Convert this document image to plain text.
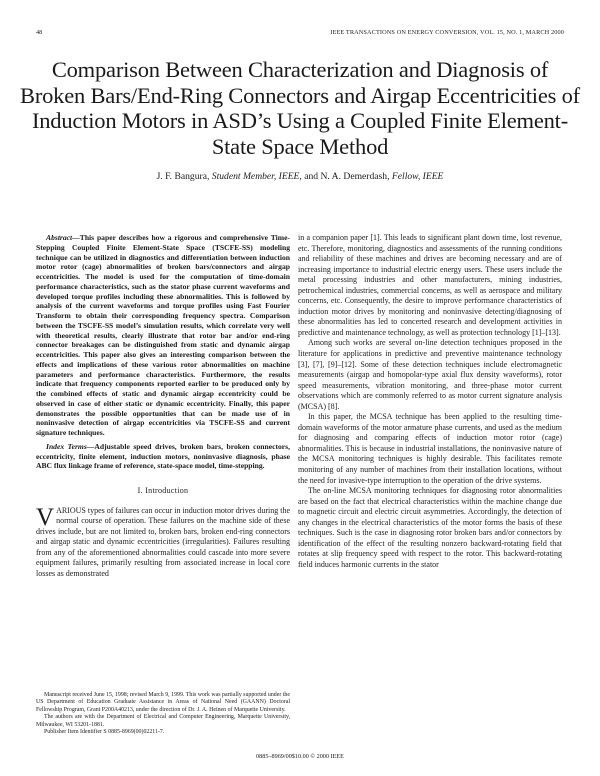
48	IEEE TRANSACTIONS ON ENERGY CONVERSION, VOL. 15, NO. 1, MARCH 2000
Comparison Between Characterization and Diagnosis of Broken Bars/End-Ring Connectors and Airgap Eccentricities of Induction Motors in ASD’s Using a Coupled Finite Element-State Space Method
J. F. Bangura, Student Member, IEEE, and N. A. Demerdash, Fellow, IEEE

Abstract—This paper describes how a rigorous and comprehensive Time-Stepping Coupled Finite Element-State Space (TSCFE-SS) modeling technique can be utilized in diagnostics and differentiation between induction motor rotor (cage) abnormalities of broken bars/connectors and airgap eccentricities. The model is used for the computation of time-domain performance characteristics, such as the stator phase current waveforms and developed torque profiles including these abnormalities. This is followed by analysis of the current waveforms and torque profiles using Fast Fourier Transform to obtain their corresponding frequency spectra. Comparison between the TSCFE-SS model’s simulation results, which correlate very well with theoretical results, clearly illustrate that rotor bar and/or end-ring connector breakages can be distinguished from static and dynamic airgap eccentricities. This paper also gives an interesting comparison between the effects and implications of these various rotor abnormalities on machine parameters and performance characteristics. Furthermore, the results indicate that frequency components reported earlier to be produced only by the combined effects of static and dynamic airgap eccentricity could be observed in case of either static or dynamic eccentricity. Finally, this paper demonstrates the possible opportunities that can be made use of in noninvasive detection of airgap eccentricities via TSCFE-SS and current signature techniques.

Index Terms—Adjustable speed drives, broken bars, broken connectors, eccentricity, finite element, induction motors, noninvasive diagnosis, phase ABC flux linkage frame of reference, state-space model, time-stepping.

I. Introduction

VARIOUS types of failures can occur in induction motor drives during the normal course of operation. These failures on the machine side of these drives include, but are not limited to, broken bars, broken end-ring connectors and airgap static and dynamic eccentricities (irregularities). Failures resulting from any of the aforementioned abnormalities could cascade into more severe equipment failures, primarily resulting from associated increase in local core losses as demonstrated

Manuscript received June 15, 1998; revised March 9, 1999. This work was partially supported under the US Department of Education Graduate Assistance in Areas of National Need (GAANN) Doctoral Fellowship Program, Grant P200A40213, under the direction of Dr. J. A. Heinen of Marquette University.

The authors are with the Department of Electrical and Computer Engineering, Marquette University, Milwaukee, WI 53201-1881.

Publisher Item Identifier S 0885-8969(00)02211-7.

in a companion paper [1]. This leads to significant plant down time, lost revenue, etc. Therefore, monitoring, diagnostics and assessments of the running conditions and reliability of these machines and drives are becoming necessary and are of increasing importance to industrial electric energy users. These users include the metal processing industries and other manufacturers, mining industries, petrochemical industries, commercial concerns, as well as aerospace and military concerns, etc. Consequently, the desire to improve performance characteristics of induction motor drives by monitoring and noninvasive detecting/diagnosing of these abnormalities has led to concerted research and development activities in predictive and maintenance technology, as well as protection technology [1]–[13].

Among such works are several on-line detection techniques proposed in the literature for applications in predictive and preventive maintenance technology [3], [7], [9]–[12]. Some of these detection techniques include electromagnetic measurements (airgap and homopolar-type axial flux density waveforms), rotor speed measurements, vibration monitoring, and three-phase motor current observations which are commonly referred to as motor current signature analysis (MCSA) [8].

In this paper, the MCSA technique has been applied to the resulting time-domain waveforms of the motor armature phase currents, and used as the medium for diagnosing and comparing effects of induction motor rotor (cage) abnormalities. This is because in industrial installations, the noninvasive nature of the MCSA monitoring techniques is highly desirable. This facilitates remote monitoring of any number of machines from their installation locations, without the need for invasive-type interruption to the operation of the drive systems.

The on-line MCSA monitoring techniques for diagnosing rotor abnormalities are based on the fact that electrical characteristics within the machine change due to magnetic circuit and electric circuit asymmetries. Accordingly, the detection of any changes in the electrical characteristics of the motor forms the basis of these techniques. Such is the case in diagnosing rotor broken bars and/or connectors by identification of the effect of the resulting nonzero backward-rotating field that rotates at slip frequency speed with respect to the rotor. This backward-rotating field induces harmonic currents in the stator

0885–8969/00$10.00 © 2000 IEEE
